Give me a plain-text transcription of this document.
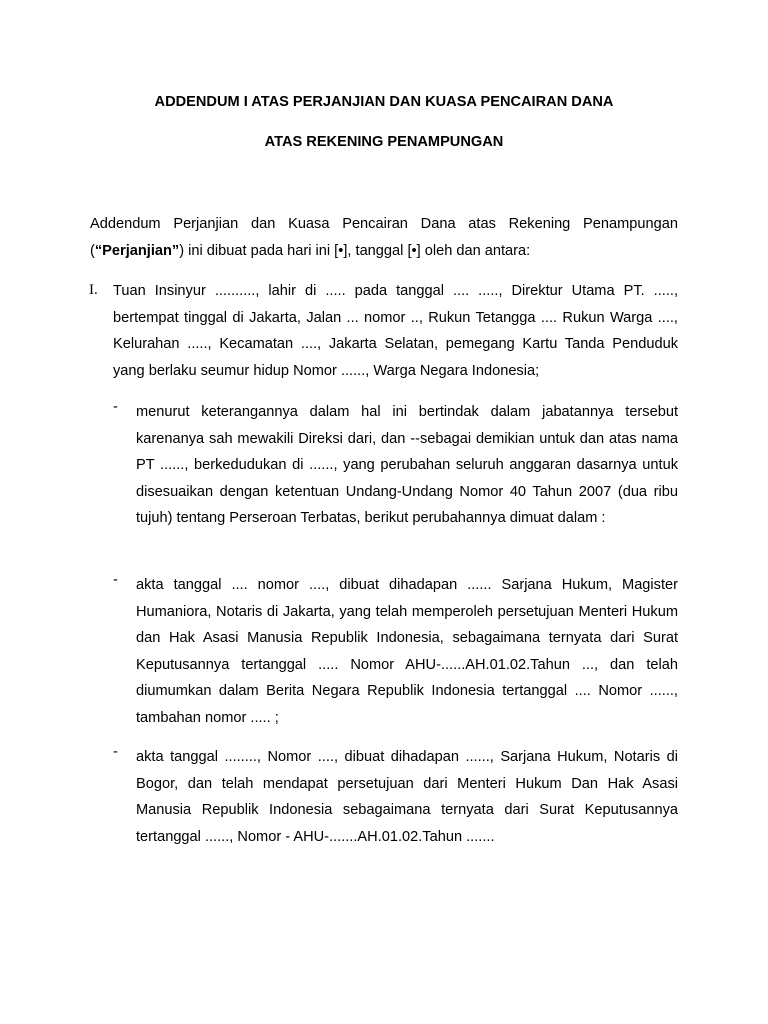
ADDENDUM I ATAS PERJANJIAN DAN KUASA PENCAIRAN DANA
ATAS REKENING PENAMPUNGAN
Addendum Perjanjian dan Kuasa Pencairan Dana atas Rekening Penampungan (“Perjanjian”) ini dibuat pada hari ini [•], tanggal [•] oleh dan antara:
I. Tuan Insinyur .........., lahir di ..... pada tanggal .... ....., Direktur Utama PT. ....., bertempat tinggal di Jakarta, Jalan ... nomor .., Rukun Tetangga .... Rukun Warga ...., Kelurahan ....., Kecamatan ...., Jakarta Selatan, pemegang Kartu Tanda Penduduk yang berlaku seumur hidup Nomor ......, Warga Negara Indonesia;
- menurut keterangannya dalam hal ini bertindak dalam jabatannya tersebut karenanya sah mewakili Direksi dari, dan --sebagai demikian untuk dan atas nama PT ......, berkedudukan di ......, yang perubahan seluruh anggaran dasarnya untuk disesuaikan dengan ketentuan Undang-Undang Nomor 40 Tahun 2007 (dua ribu tujuh) tentang Perseroan Terbatas, berikut perubahannya dimuat dalam :
- akta tanggal .... nomor ...., dibuat dihadapan ...... Sarjana Hukum, Magister Humaniora, Notaris di Jakarta, yang telah memperoleh persetujuan Menteri Hukum dan Hak Asasi Manusia Republik Indonesia, sebagaimana ternyata dari Surat Keputusannya tertanggal ..... Nomor AHU-......AH.01.02.Tahun ..., dan telah diumumkan dalam Berita Negara Republik Indonesia tertanggal .... Nomor ......, tambahan nomor ..... ;
- akta tanggal ........, Nomor ...., dibuat dihadapan ......, Sarjana Hukum, Notaris di Bogor, dan telah mendapat persetujuan dari Menteri Hukum Dan Hak Asasi Manusia Republik Indonesia sebagaimana ternyata dari Surat Keputusannya tertanggal ......, Nomor - AHU-.......AH.01.02.Tahun .......
